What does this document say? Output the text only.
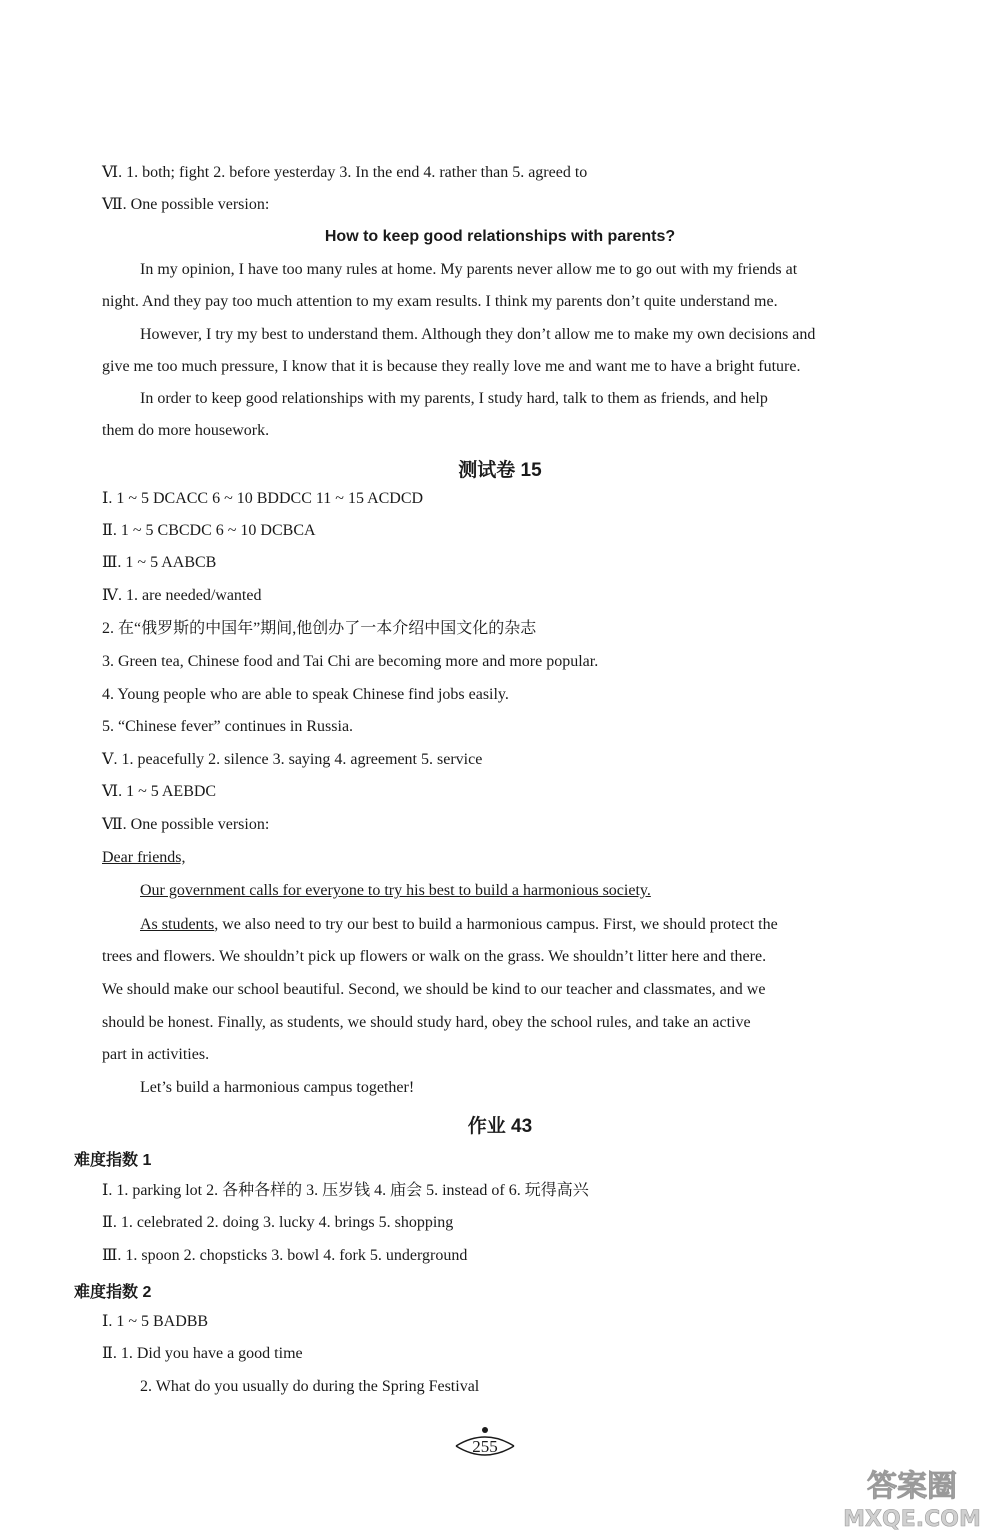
Ⅵ. 1. both; fight 2. before yesterday 3. In the end 4. rather than 5. agreed to
Ⅶ. One possible version:
How to keep good relationships with parents?
In my opinion, I have too many rules at home. My parents never allow me to go out with my friends at
night. And they pay too much attention to my exam results. I think my parents don’t quite understand me.
However, I try my best to understand them. Although they don’t allow me to make my own decisions and
give me too much pressure, I know that it is because they really love me and want me to have a bright future.
In order to keep good relationships with my parents, I study hard, talk to them as friends, and help
them do more housework.
测试卷 15
Ⅰ. 1 ~ 5 DCACC 6 ~ 10 BDDCC 11 ~ 15 ACDCD
Ⅱ. 1 ~ 5 CBCDC 6 ~ 10 DCBCA
Ⅲ. 1 ~ 5 AABCB
Ⅳ. 1. are needed/wanted
2. 在“俄罗斯的中国年”期间,他创办了一本介绍中国文化的杂志
3. Green tea, Chinese food and Tai Chi are becoming more and more popular.
4. Young people who are able to speak Chinese find jobs easily.
5. “Chinese fever” continues in Russia.
Ⅴ. 1. peacefully 2. silence 3. saying 4. agreement 5. service
Ⅵ. 1 ~ 5 AEBDC
Ⅶ. One possible version:
Dear friends,
Our government calls for everyone to try his best to build a harmonious society.
As students, we also need to try our best to build a harmonious campus. First, we should protect the
trees and flowers. We shouldn’t pick up flowers or walk on the grass. We shouldn’t litter here and there.
We should make our school beautiful. Second, we should be kind to our teacher and classmates, and we
should be honest. Finally, as students, we should study hard, obey the school rules, and take an active
part in activities.
Let’s build a harmonious campus together!
作业 43
难度指数 1
Ⅰ. 1. parking lot 2. 各种各样的 3. 压岁钱 4. 庙会 5. instead of 6. 玩得高兴
Ⅱ. 1. celebrated 2. doing 3. lucky 4. brings 5. shopping
Ⅲ. 1. spoon 2. chopsticks 3. bowl 4. fork 5. underground
难度指数 2
Ⅰ. 1 ~ 5 BADBB
Ⅱ. 1. Did you have a good time
2. What do you usually do during the Spring Festival
255
答案圈
MXQE.COM
